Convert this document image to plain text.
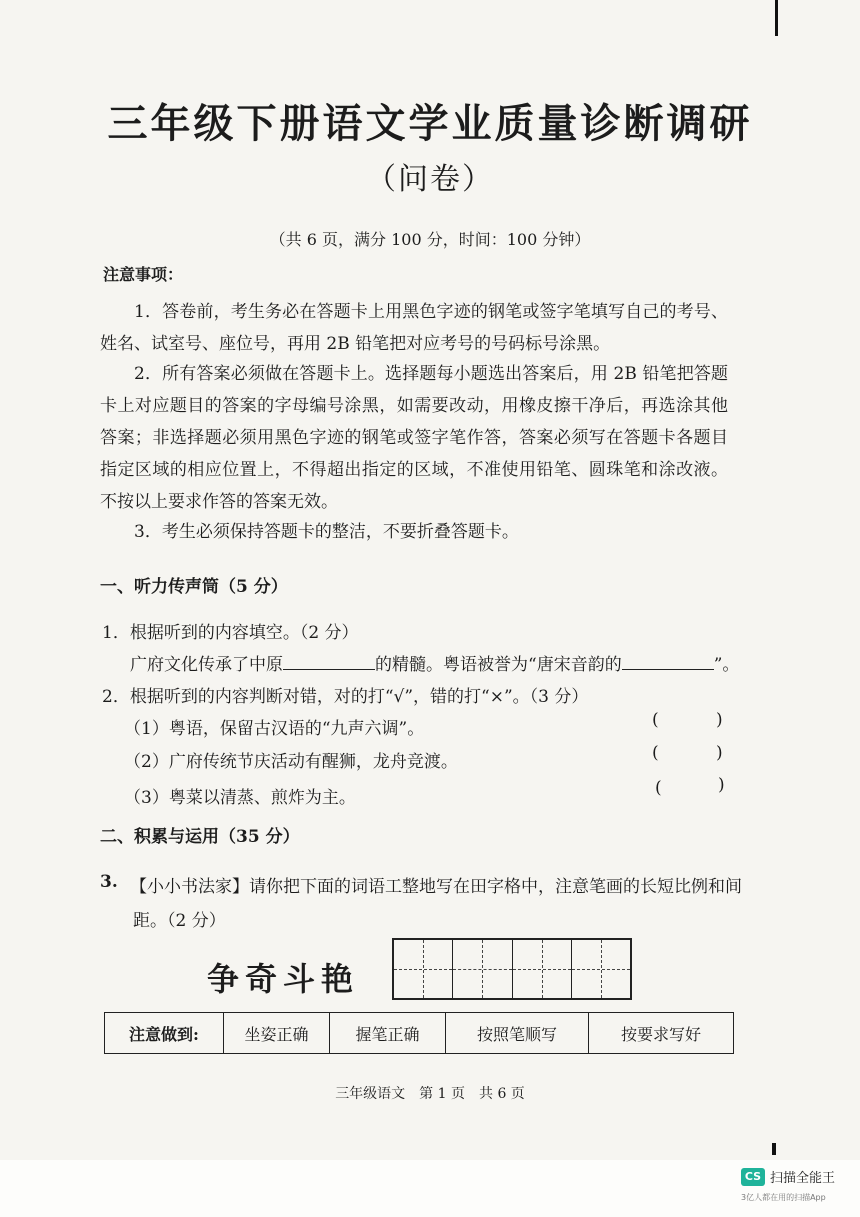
三年级下册语文学业质量诊断调研
（问卷）
（共 6 页，满分 100 分，时间：100 分钟）
注意事项：
1．答卷前，考生务必在答题卡上用黑色字迹的钢笔或签字笔填写自己的考号、姓名、试室号、座位号，再用 2B 铅笔把对应考号的号码标号涂黑。
2．所有答案必须做在答题卡上。选择题每小题选出答案后，用 2B 铅笔把答题卡上对应题目的答案的字母编号涂黑，如需要改动，用橡皮擦干净后，再选涂其他答案；非选择题必须用黑色字迹的钢笔或签字笔作答，答案必须写在答题卡各题目指定区域的相应位置上，不得超出指定的区域，不准使用铅笔、圆珠笔和涂改液。不按以上要求作答的答案无效。
3．考生必须保持答题卡的整洁，不要折叠答题卡。
一、听力传声筒（5 分）
1．根据听到的内容填空。（2 分）
广府文化传承了中原	的精髓。粤语被誉为“唐宋音韵的	”。
2．根据听到的内容判断对错，对的打“√”，错的打“×”。（3 分）
（1）粤语，保留古汉语的“九声六调”。	(	)
（2）广府传统节庆活动有醒狮，龙舟竞渡。	(	)
（3）粤菜以清蒸、煎炸为主。	(	)
二、积累与运用（35 分）
3. 【小小书法家】请你把下面的词语工整地写在田字格中，注意笔画的长短比例和间
距。（2 分）
争奇斗艳
注意做到:	坐姿正确	握笔正确	按照笔顺写	按要求写好
三年级语文　第 1 页　共 6 页
CS 扫描全能王
3亿人都在用的扫描App
